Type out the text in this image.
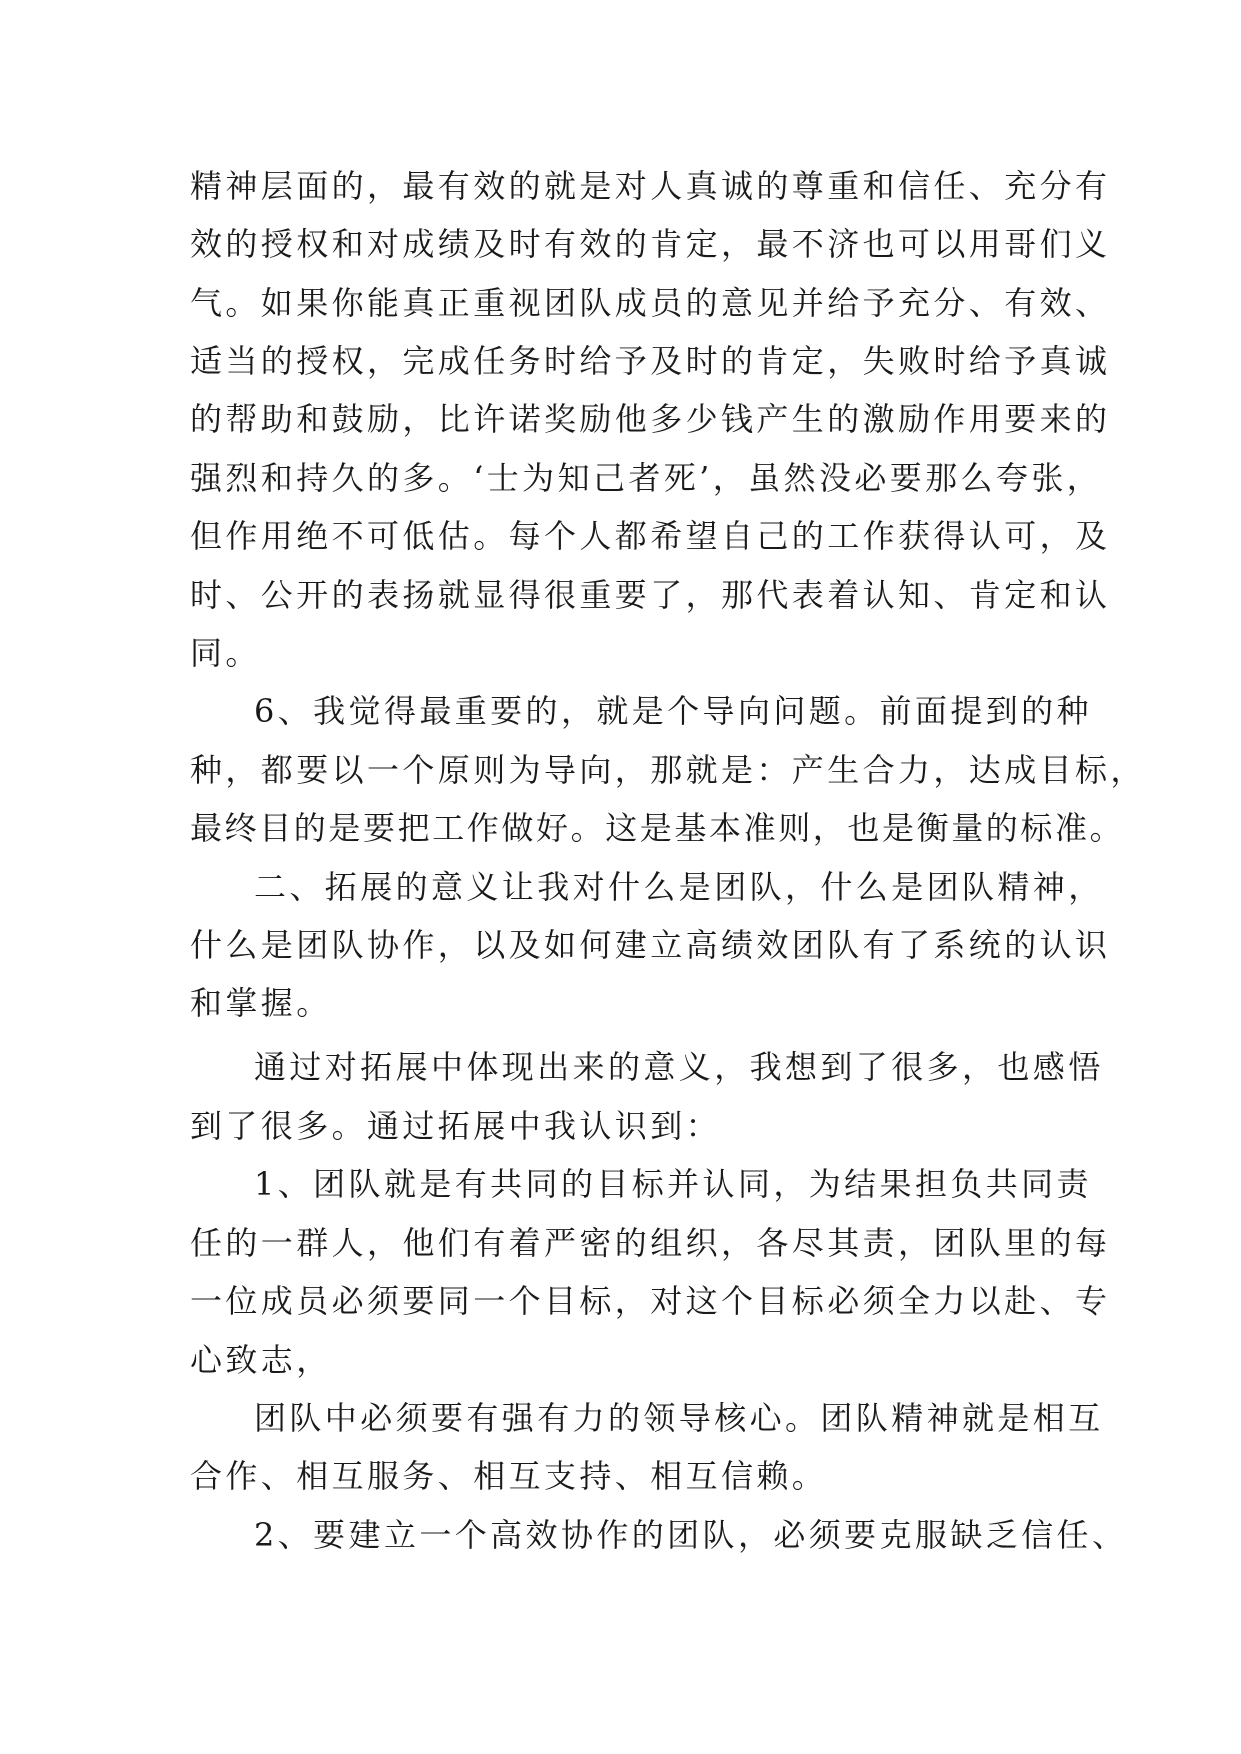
精神层面的，最有效的就是对人真诚的尊重和信任、充分有

效的授权和对成绩及时有效的肯定，最不济也可以用哥们义

气。如果你能真正重视团队成员的意见并给予充分、有效、

适当的授权，完成任务时给予及时的肯定，失败时给予真诚

的帮助和鼓励，比许诺奖励他多少钱产生的激励作用要来的

强烈和持久的多。‘士为知己者死’，虽然没必要那么夸张，

但作用绝不可低估。每个人都希望自己的工作获得认可，及

时、公开的表扬就显得很重要了，那代表着认知、肯定和认

同。

6、我觉得最重要的，就是个导向问题。前面提到的种

种，都要以一个原则为导向，那就是：产生合力，达成目标，

最终目的是要把工作做好。这是基本准则，也是衡量的标准。

二、拓展的意义让我对什么是团队，什么是团队精神，

什么是团队协作，以及如何建立高绩效团队有了系统的认识

和掌握。

通过对拓展中体现出来的意义，我想到了很多，也感悟

到了很多。通过拓展中我认识到：

1、团队就是有共同的目标并认同，为结果担负共同责

任的一群人，他们有着严密的组织，各尽其责，团队里的每

一位成员必须要同一个目标，对这个目标必须全力以赴、专

心致志，

团队中必须要有强有力的领导核心。团队精神就是相互

合作、相互服务、相互支持、相互信赖。

2、要建立一个高效协作的团队，必须要克服缺乏信任、
